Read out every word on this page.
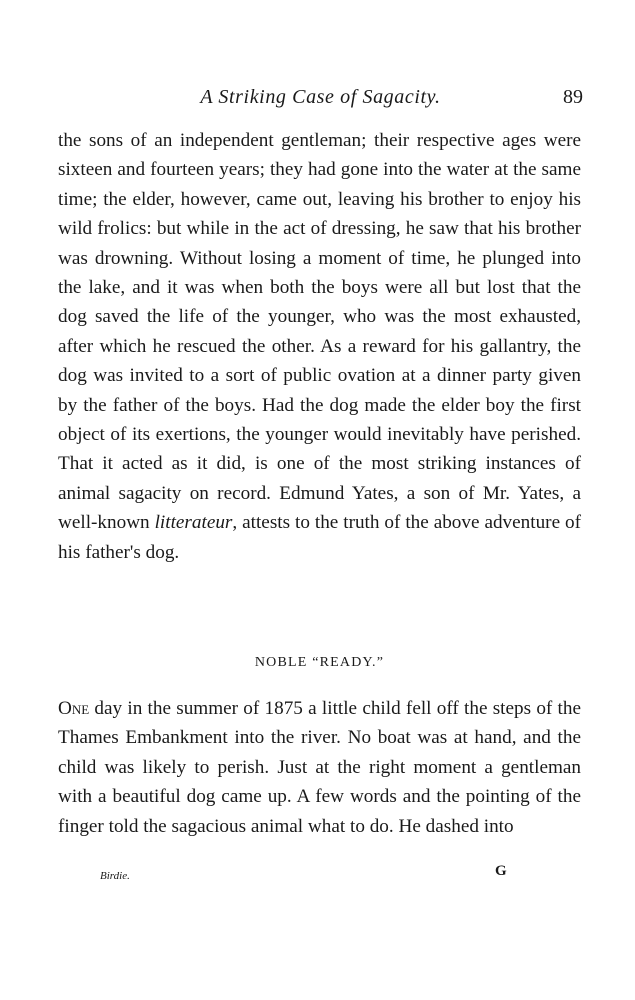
A Striking Case of Sagacity.	89

the sons of an independent gentleman; their respective ages were sixteen and fourteen years; they had gone into the water at the same time; the elder, however, came out, leaving his brother to enjoy his wild frolics: but while in the act of dressing, he saw that his brother was drowning. Without losing a moment of time, he plunged into the lake, and it was when both the boys were all but lost that the dog saved the life of the younger, who was the most exhausted, after which he rescued the other. As a reward for his gallantry, the dog was invited to a sort of public ovation at a dinner party given by the father of the boys. Had the dog made the elder boy the first object of its exertions, the younger would inevitably have perished. That it acted as it did, is one of the most striking instances of animal sagacity on record. Edmund Yates, a son of Mr. Yates, a well-known litterateur, attests to the truth of the above adventure of his father's dog.

NOBLE “READY.”

One day in the summer of 1875 a little child fell off the steps of the Thames Embankment into the river. No boat was at hand, and the child was likely to perish. Just at the right moment a gentleman with a beautiful dog came up. A few words and the pointing of the finger told the sagacious animal what to do. He dashed into

Birdie.	G
